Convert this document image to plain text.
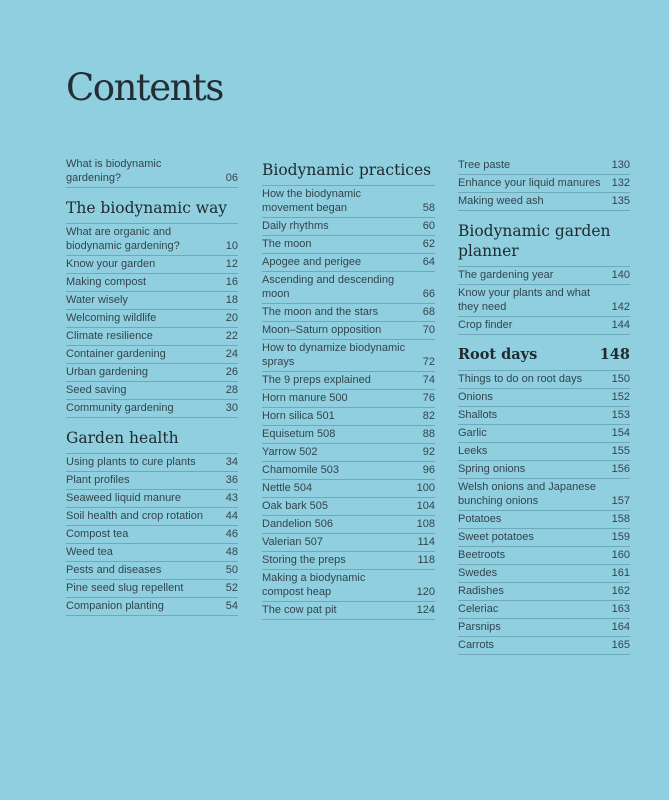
Contents
What is biodynamic gardening?	06
The biodynamic way
What are organic and biodynamic gardening?	10
Know your garden	12
Making compost	16
Water wisely	18
Welcoming wildlife	20
Climate resilience	22
Container gardening	24
Urban gardening	26
Seed saving	28
Community gardening	30
Garden health
Using plants to cure plants	34
Plant profiles	36
Seaweed liquid manure	43
Soil health and crop rotation	44
Compost tea	46
Weed tea	48
Pests and diseases	50
Pine seed slug repellent	52
Companion planting	54
Biodynamic practices
How the biodynamic movement began	58
Daily rhythms	60
The moon	62
Apogee and perigee	64
Ascending and descending moon	66
The moon and the stars	68
Moon–Saturn opposition	70
How to dynamize biodynamic sprays	72
The 9 preps explained	74
Horn manure 500	76
Horn silica 501	82
Equisetum 508	88
Yarrow 502	92
Chamomile 503	96
Nettle 504	100
Oak bark 505	104
Dandelion 506	108
Valerian 507	114
Storing the preps	118
Making a biodynamic compost heap	120
The cow pat pit	124
Tree paste	130
Enhance your liquid manures	132
Making weed ash	135
Biodynamic garden planner
The gardening year	140
Know your plants and what they need	142
Crop finder	144
Root days	148
Things to do on root days	150
Onions	152
Shallots	153
Garlic	154
Leeks	155
Spring onions	156
Welsh onions and Japanese bunching onions	157
Potatoes	158
Sweet potatoes	159
Beetroots	160
Swedes	161
Radishes	162
Celeriac	163
Parsnips	164
Carrots	165
